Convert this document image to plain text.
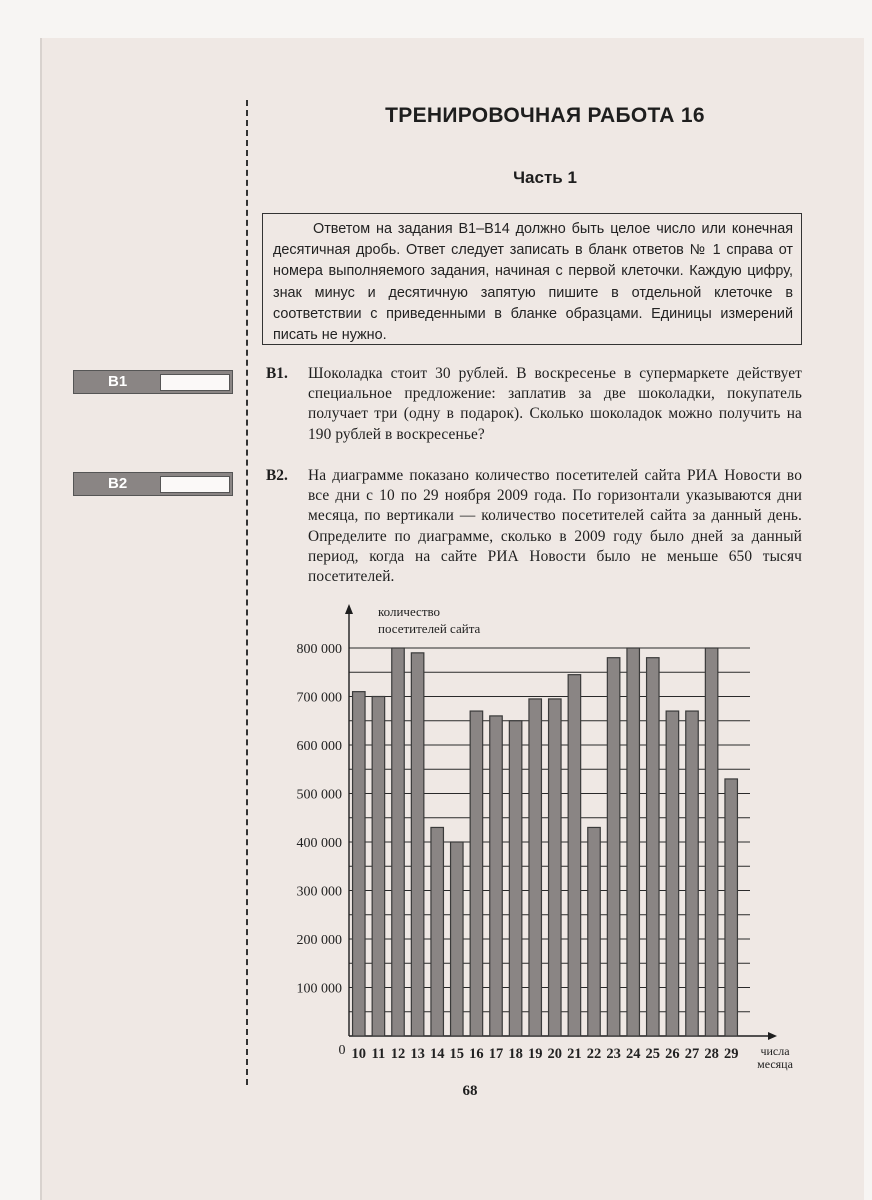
ТРЕНИРОВОЧНАЯ РАБОТА 16
Часть 1
Ответом на задания В1–В14 должно быть целое число или конечная десятичная дробь. Ответ следует записать в бланк ответов № 1 справа от номера выполняемого задания, начиная с первой клеточки. Каждую цифру, знак минус и десятичную запятую пишите в отдельной клеточке в соответствии с приведенными в бланке образцами. Единицы измерений писать не нужно.
B1
B2
B1. Шоколадка стоит 30 рублей. В воскресенье в супермаркете действует специальное предложение: заплатив за две шоколадки, покупатель получает три (одну в подарок). Сколько шоколадок можно получить на 190 рублей в воскресенье?
B2. На диаграмме показано количество посетителей сайта РИА Новости во все дни с 10 по 29 ноября 2009 года. По горизонтали указываются дни месяца, по вертикали — количество посетителей сайта за данный день. Определите по диаграмме, сколько в 2009 году было дней за данный период, когда на сайте РИА Новости было не меньше 650 тысяч посетителей.
количество
посетителей сайта
числа
месяца
0
100 000
200 000
300 000
400 000
500 000
600 000
700 000
800 000
10 11 12 13 14 15 16 17 18 19 20 21 22 23 24 25 26 27 28 29

68
